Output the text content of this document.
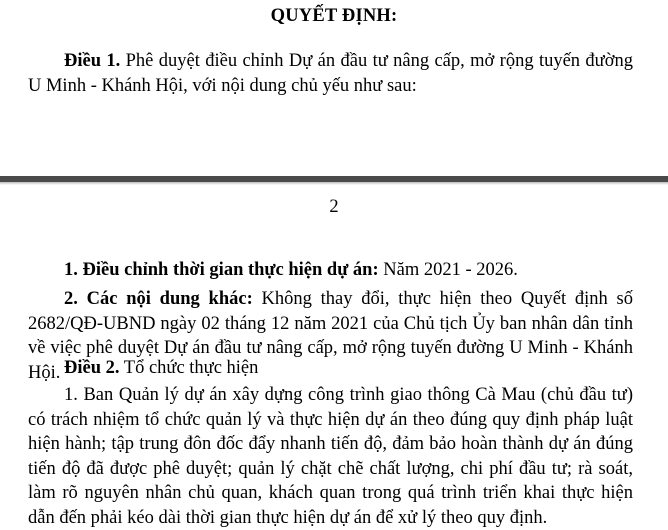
QUYẾT ĐỊNH:

Điều 1. Phê duyệt điều chỉnh Dự án đầu tư nâng cấp, mở rộng tuyến đường U Minh - Khánh Hội, với nội dung chủ yếu như sau:

2

1. Điều chỉnh thời gian thực hiện dự án: Năm 2021 - 2026.

2. Các nội dung khác: Không thay đổi, thực hiện theo Quyết định số 2682/QĐ-UBND ngày 02 tháng 12 năm 2021 của Chủ tịch Ủy ban nhân dân tỉnh về việc phê duyệt Dự án đầu tư nâng cấp, mở rộng tuyến đường U Minh - Khánh Hội. Điều 2. Tổ chức thực hiện

1. Ban Quản lý dự án xây dựng công trình giao thông Cà Mau (chủ đầu tư) có trách nhiệm tổ chức quản lý và thực hiện dự án theo đúng quy định pháp luật hiện hành; tập trung đôn đốc đẩy nhanh tiến độ, đảm bảo hoàn thành dự án đúng tiến độ đã được phê duyệt; quản lý chặt chẽ chất lượng, chi phí đầu tư; rà soát, làm rõ nguyên nhân chủ quan, khách quan trong quá trình triển khai thực hiện dẫn đến phải kéo dài thời gian thực hiện dự án để xử lý theo quy định.
